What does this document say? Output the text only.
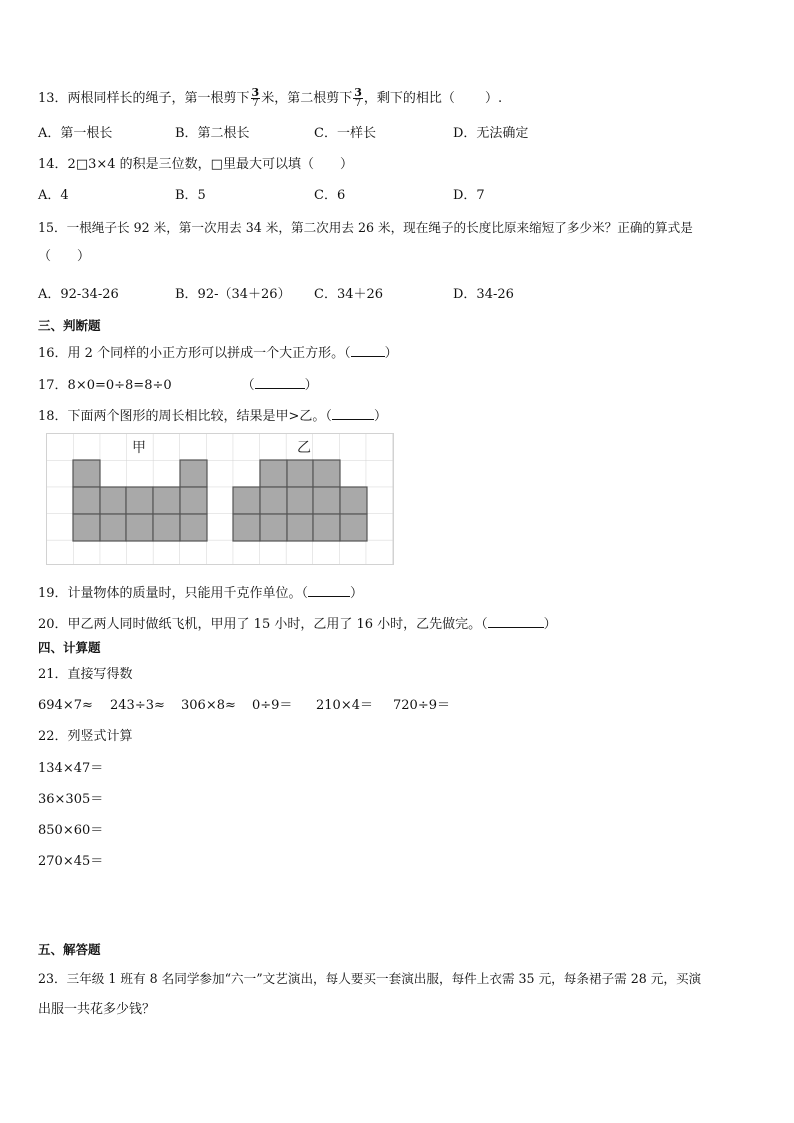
13．两根同样长的绳子，第一根剪下 $\frac{3}{7}$ 米，第二根剪下 $\frac{3}{7}$ ，剩下的相比（　　 ）.
A．第一根长	B．第二根长	C．一样长	D．无法确定
14．2□3×4 的积是三位数，□里最大可以填（　　）
A．4	B．5	C．6	D．7
15．一根绳子长 92 米，第一次用去 34 米，第二次用去 26 米，现在绳子的长度比原来缩短了多少米？正确的算式是
（　　）
A．92-34-26	B．92-（34＋26） C．34＋26	D．34-26
三、判断题
16．用 2 个同样的小正方形可以拼成一个大正方形。（	）
17．8×0=0÷8=8÷0	（	）
18．下面两个图形的周长相比较，结果是甲>乙。（	）
甲	乙
19．计量物体的质量时，只能用千克作单位。（	）
20．甲乙两人同时做纸飞机，甲用了 15 小时，乙用了 16 小时，乙先做完。（	）
四、计算题
21．直接写得数
694×7≈ 243÷3≈ 306×8≈ 0÷9＝ 210×4＝ 720÷9＝
22．列竖式计算
134×47＝
36×305＝
850×60＝
270×45＝
五、解答题
23．三年级 1 班有 8 名同学参加“六一”文艺演出，每人要买一套演出服，每件上衣需 35 元，每条裙子需 28 元，买演
出服一共花多少钱？
